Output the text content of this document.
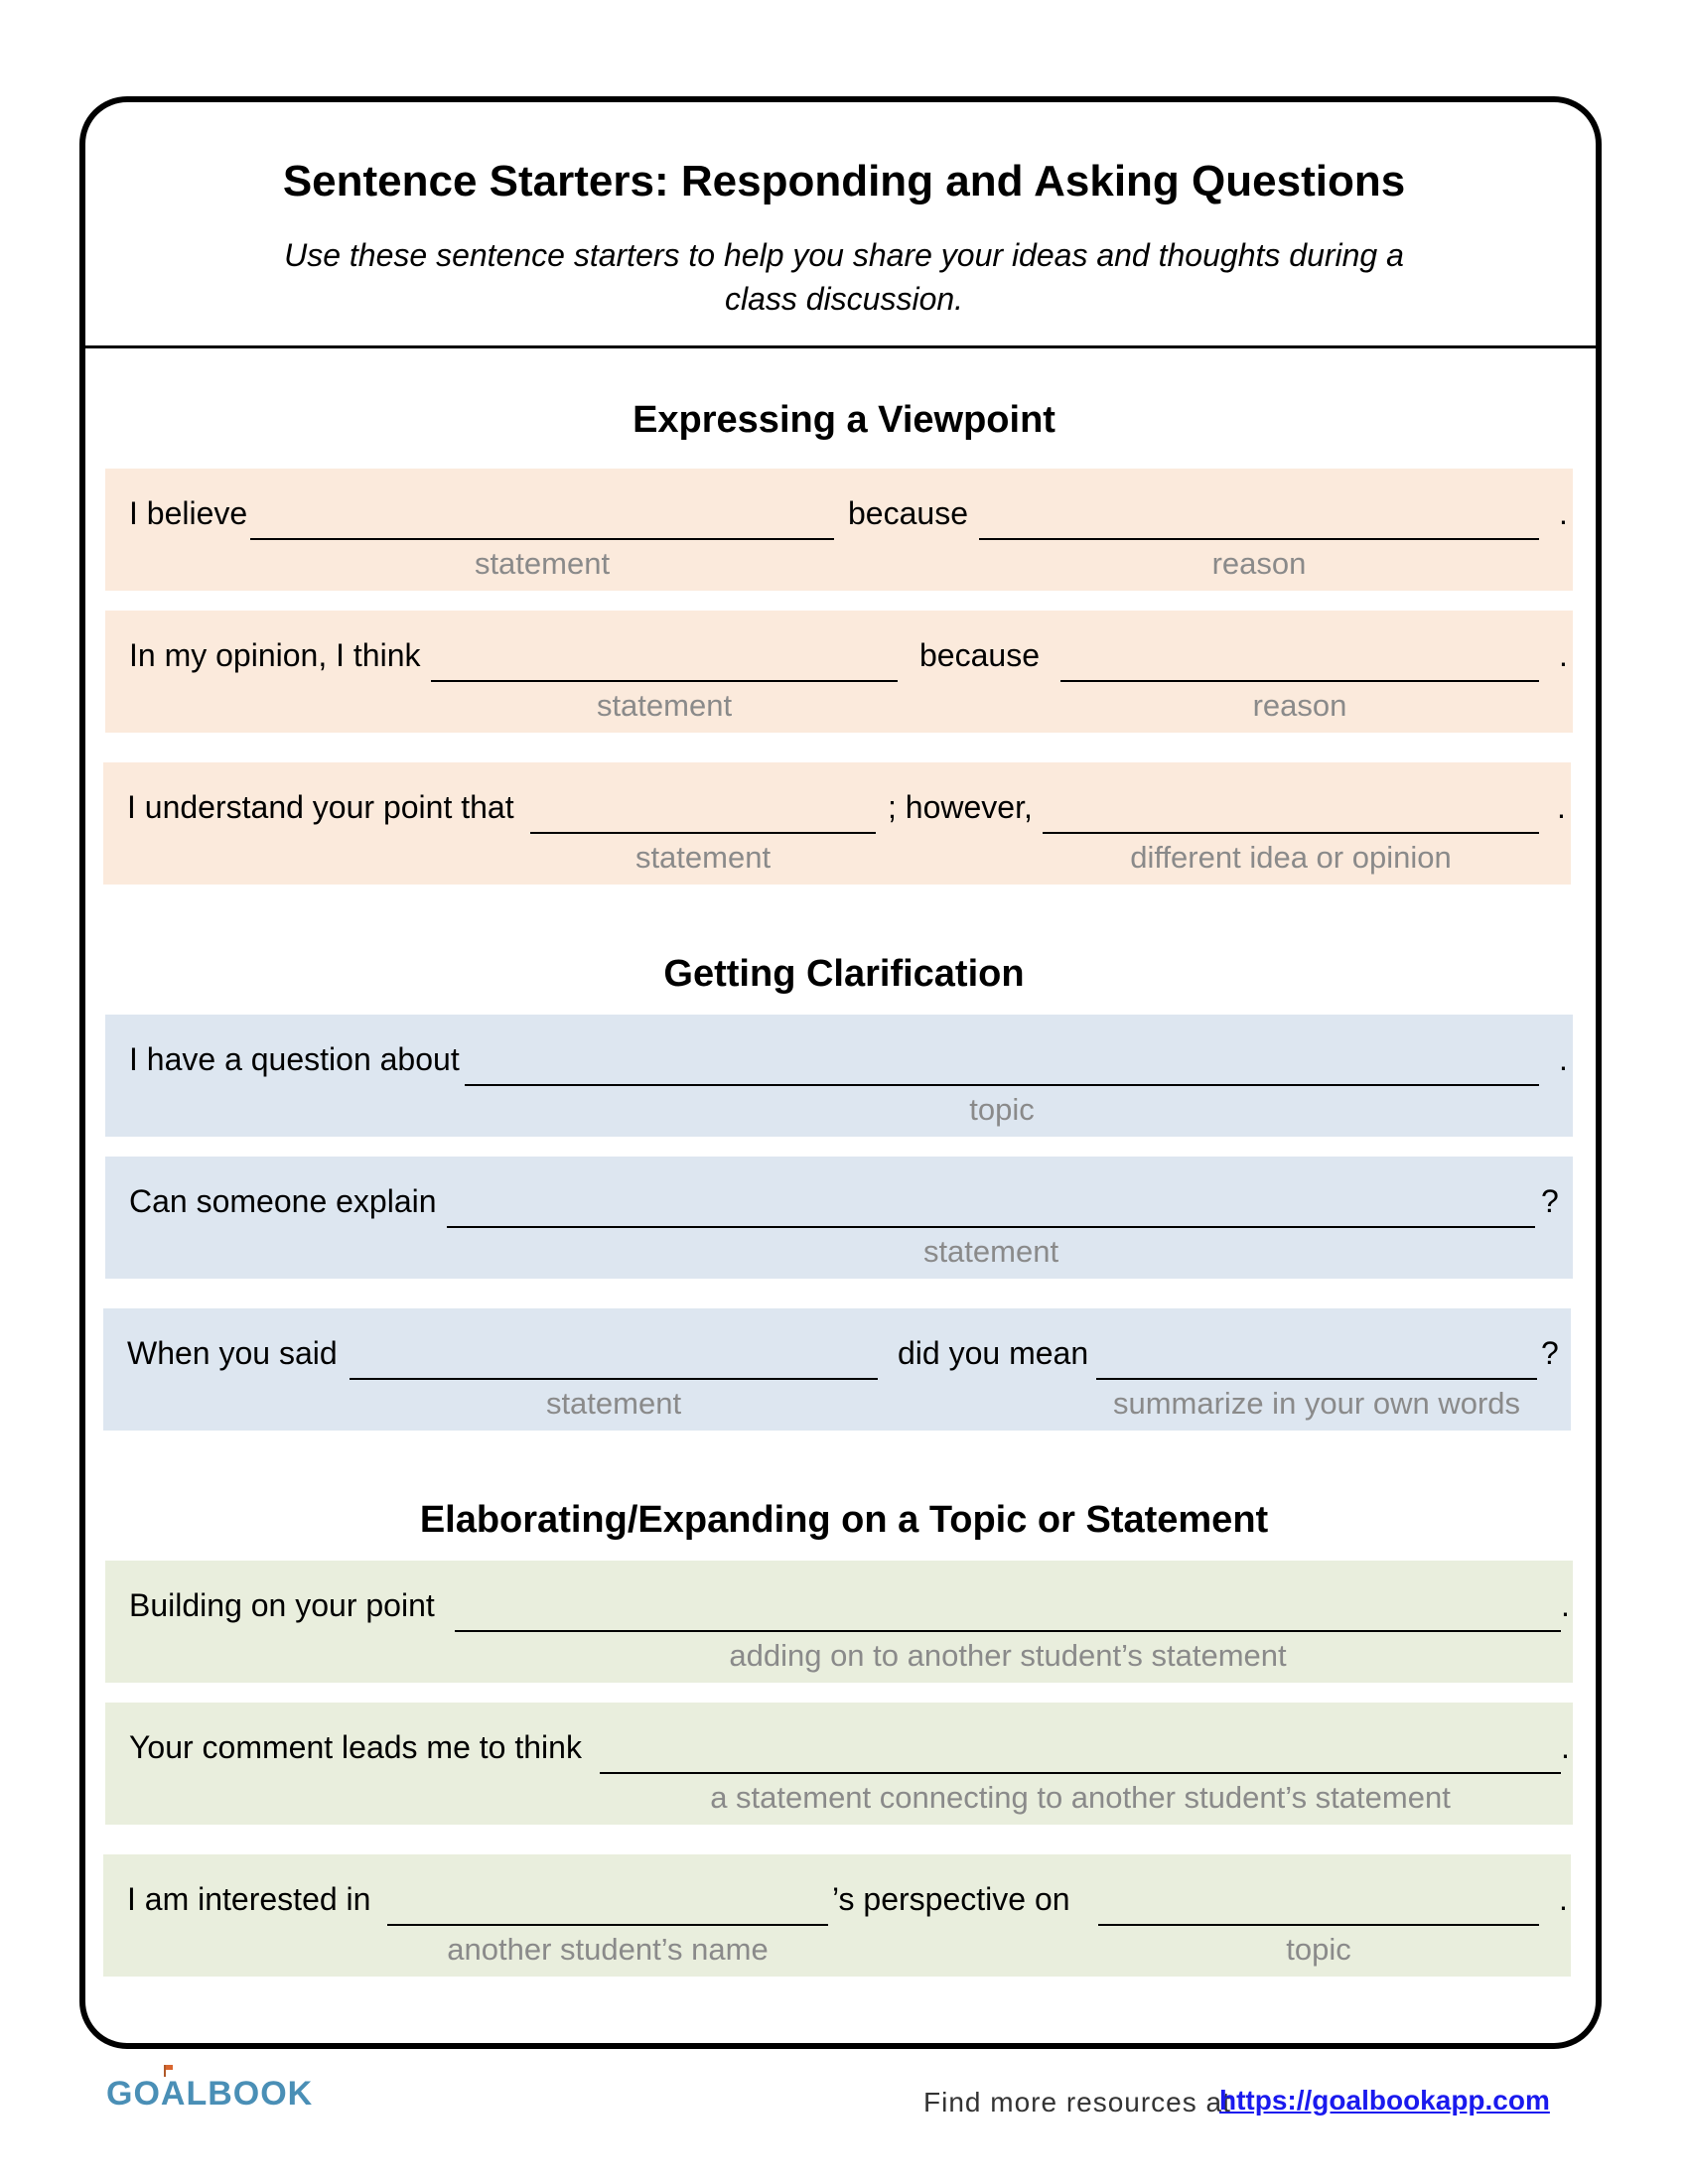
Sentence Starters: Responding and Asking Questions
Use these sentence starters to help you share your ideas and thoughts during a
class discussion.
Expressing a Viewpoint
I believe
statement
because
reason
.
In my opinion, I think
statement
because
reason
.
I understand your point that
statement
; however,
different idea or opinion
.
Getting Clarification
I have a question about
topic
.
Can someone explain
statement
?
When you said
statement
did you mean
summarize in your own words
?
Elaborating/Expanding on a Topic or Statement
Building on your point
adding on to another student’s statement
.
Your comment leads me to think
a statement connecting to another student’s statement
.
I am interested in
another student’s name
’s perspective on
topic
.
GOALBOOK	Find more resources at
https://goalbookapp.com
